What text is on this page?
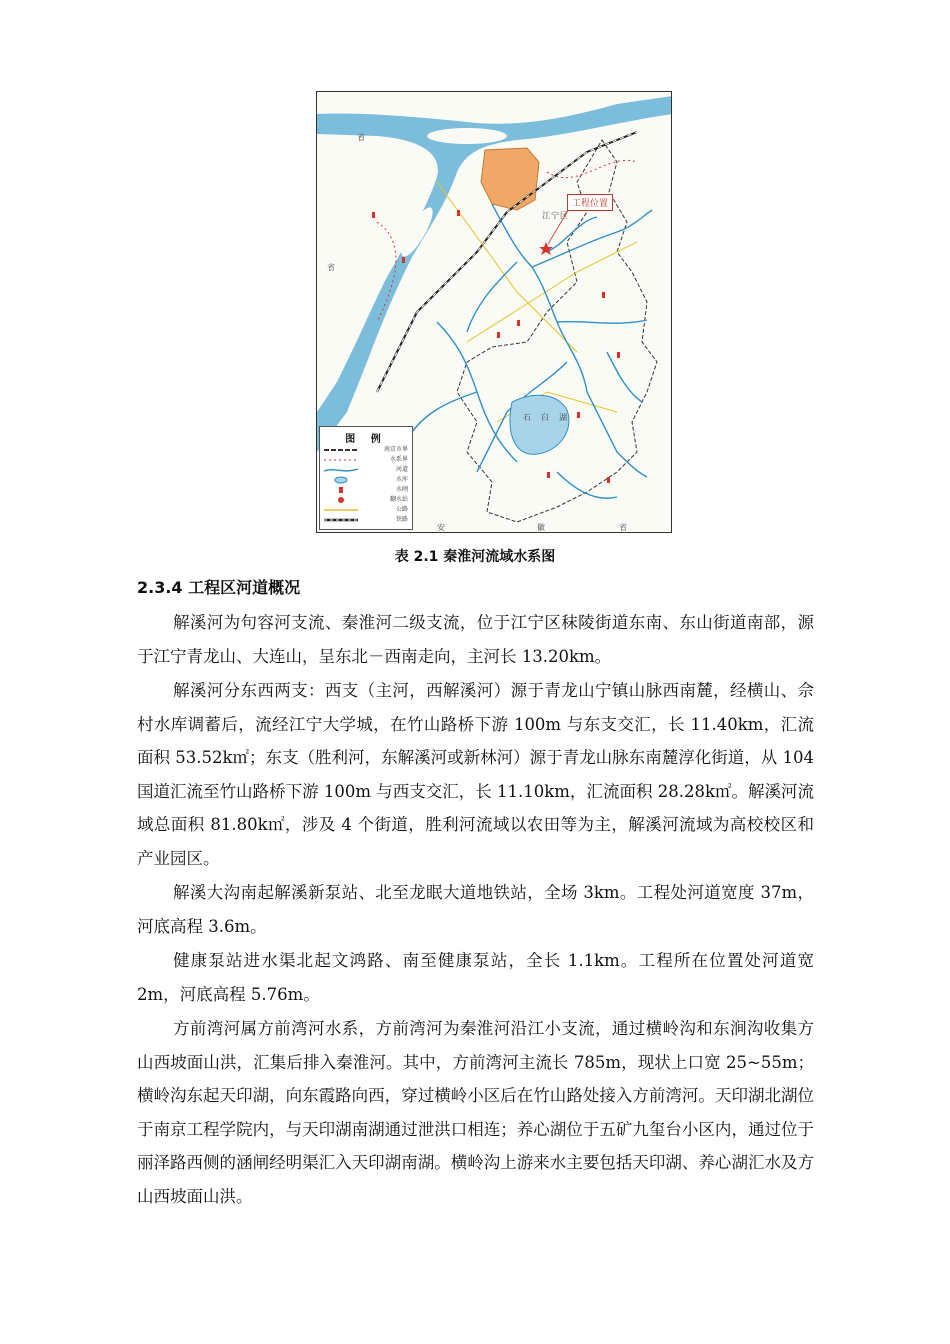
工程位置
省
省
安	徽	省
石 臼 湖
江 宁 区
图 例
南京市界
水系界
河道
水库
水闸
翻水站
公路
铁路
表 2.1 秦淮河流域水系图
2.3.4 工程区河道概况

解溪河为句容河支流、秦淮河二级支流，位于江宁区秣陵街道东南、东山街道南部，源于江宁青龙山、大连山，呈东北－西南走向，主河长 13.20km。

解溪河分东西两支：西支（主河，西解溪河）源于青龙山宁镇山脉西南麓，经横山、佘村水库调蓄后，流经江宁大学城，在竹山路桥下游 100m 与东支交汇，长 11.40km，汇流面积 53.52k㎡；东支（胜利河，东解溪河或新林河）源于青龙山脉东南麓淳化街道，从 104 国道汇流至竹山路桥下游 100m 与西支交汇，长 11.10km，汇流面积 28.28k㎡。解溪河流域总面积 81.80k㎡，涉及 4 个街道，胜利河流域以农田等为主，解溪河流域为高校校区和产业园区。

解溪大沟南起解溪新泵站、北至龙眠大道地铁站，全场 3km。工程处河道宽度 37m，河底高程 3.6m。

健康泵站进水渠北起文鸿路、南至健康泵站，全长 1.1km。工程所在位置处河道宽 2m，河底高程 5.76m。

方前湾河属方前湾河水系，方前湾河为秦淮河沿江小支流，通过横岭沟和东涧沟收集方山西坡面山洪，汇集后排入秦淮河。其中，方前湾河主流长 785m，现状上口宽 25~55m；横岭沟东起天印湖，向东霞路向西，穿过横岭小区后在竹山路处接入方前湾河。天印湖北湖位于南京工程学院内，与天印湖南湖通过泄洪口相连；养心湖位于五矿九玺台小区内，通过位于丽泽路西侧的涵闸经明渠汇入天印湖南湖。横岭沟上游来水主要包括天印湖、养心湖汇水及方山西坡面山洪。
